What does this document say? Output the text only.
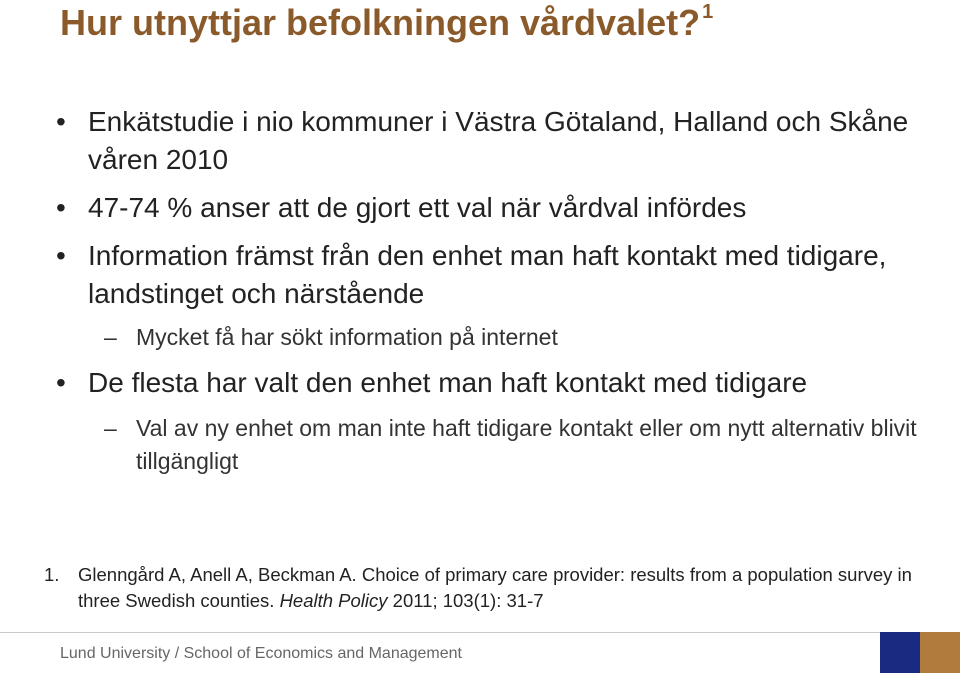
Hur utnyttjar befolkningen vårdvalet? $^1$
• Enkätstudie i nio kommuner i Västra Götaland, Halland och Skåne våren 2010
• 47-74 % anser att de gjort ett val när vårdval infördes
• Information främst från den enhet man haft kontakt med tidigare, landstinget och närstående
– Mycket få har sökt information på internet
• De flesta har valt den enhet man haft kontakt med tidigare
– Val av ny enhet om man inte haft tidigare kontakt eller om nytt alternativ blivit tillgängligt
1. Glenngård A, Anell A, Beckman A. Choice of primary care provider: results from a population survey in three Swedish counties. Health Policy 2011; 103(1): 31-7
Lund University / School of Economics and Management
